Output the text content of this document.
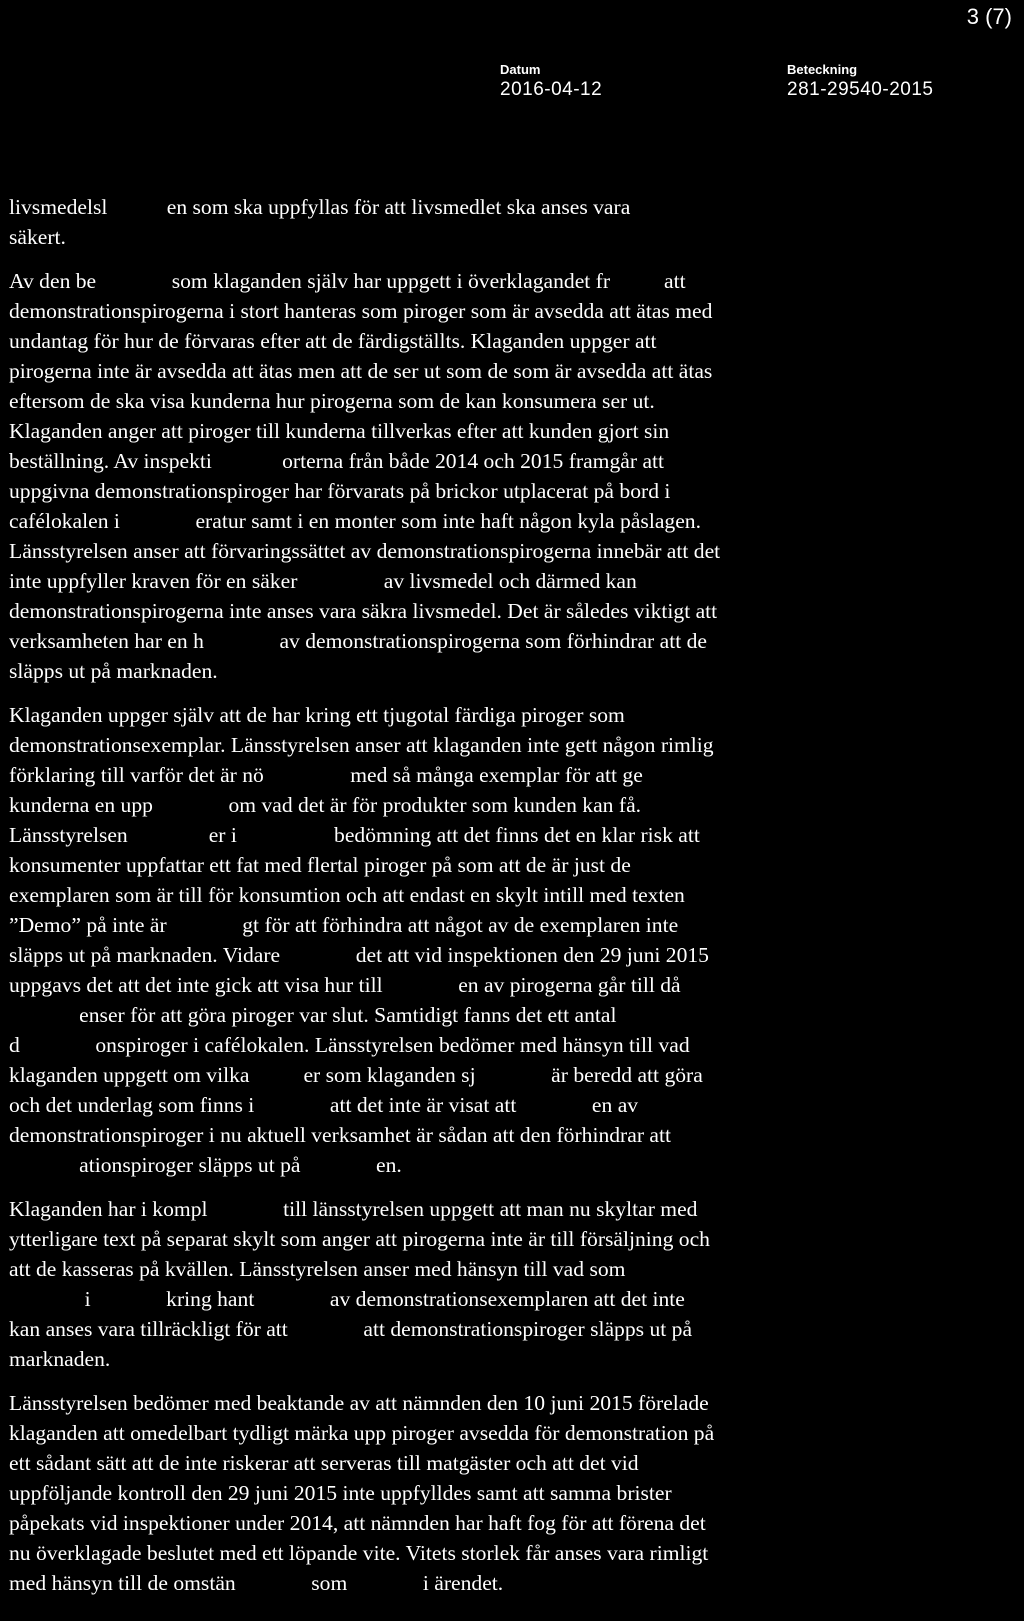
3 (7)
Datum
2016-04-12
Beteckning
281-29540-2015
livsmedelsl           en som ska uppfyllas för att livsmedlet ska anses vara
säkert.
Av den be              som klaganden själv har uppgett i överklagandet fr          att
demonstrationspirogerna i stort hanteras som piroger som är avsedda att ätas med
undantag för hur de förvaras efter att de färdigställts. Klaganden uppger att
pirogerna inte är avsedda att ätas men att de ser ut som de som är avsedda att ätas
eftersom de ska visa kunderna hur pirogerna som de kan konsumera ser ut.
Klaganden anger att piroger till kunderna tillverkas efter att kunden gjort sin
beställning. Av inspekti             orterna från både 2014 och 2015 framgår att
uppgivna demonstrationspiroger har förvarats på brickor utplacerat på bord i
cafélokalen i              eratur samt i en monter som inte haft någon kyla påslagen.
Länsstyrelsen anser att förvaringssättet av demonstrationspirogerna innebär att det
inte uppfyller kraven för en säker                av livsmedel och därmed kan
demonstrationspirogerna inte anses vara säkra livsmedel. Det är således viktigt att
verksamheten har en h              av demonstrationspirogerna som förhindrar att de
släpps ut på marknaden.
Klaganden uppger själv att de har kring ett tjugotal färdiga piroger som
demonstrationsexemplar. Länsstyrelsen anser att klaganden inte gett någon rimlig
förklaring till varför det är nö                med så många exemplar för att ge
kunderna en upp              om vad det är för produkter som kunden kan få.
Länsstyrelsen               er i                  bedömning att det finns det en klar risk att
konsumenter uppfattar ett fat med flertal piroger på som att de är just de
exemplaren som är till för konsumtion och att endast en skylt intill med texten
”Demo” på inte är              gt för att förhindra att något av de exemplaren inte
släpps ut på marknaden. Vidare              det att vid inspektionen den 29 juni 2015
uppgavs det att det inte gick att visa hur till              en av pirogerna går till då
enser för att göra piroger var slut. Samtidigt fanns det ett antal
d              onspiroger i cafélokalen. Länsstyrelsen bedömer med hänsyn till vad
klaganden uppgett om vilka          er som klaganden sj              är beredd att göra
och det underlag som finns i              att det inte är visat att              en av
demonstrationspiroger i nu aktuell verksamhet är sådan att den förhindrar att
ationspiroger släpps ut på              en.
Klaganden har i kompl              till länsstyrelsen uppgett att man nu skyltar med
ytterligare text på separat skylt som anger att pirogerna inte är till försäljning och
att de kasseras på kvällen. Länsstyrelsen anser med hänsyn till vad som
i              kring hant              av demonstrationsexemplaren att det inte
kan anses vara tillräckligt för att              att demonstrationspiroger släpps ut på
marknaden.
Länsstyrelsen bedömer med beaktande av att nämnden den 10 juni 2015 förelade
klaganden att omedelbart tydligt märka upp piroger avsedda för demonstration på
ett sådant sätt att de inte riskerar att serveras till matgäster och att det vid
uppföljande kontroll den 29 juni 2015 inte uppfylldes samt att samma brister
påpekats vid inspektioner under 2014, att nämnden har haft fog för att förena det
nu överklagade beslutet med ett löpande vite. Vitets storlek får anses vara rimligt
med hänsyn till de omstän              som              i ärendet.
